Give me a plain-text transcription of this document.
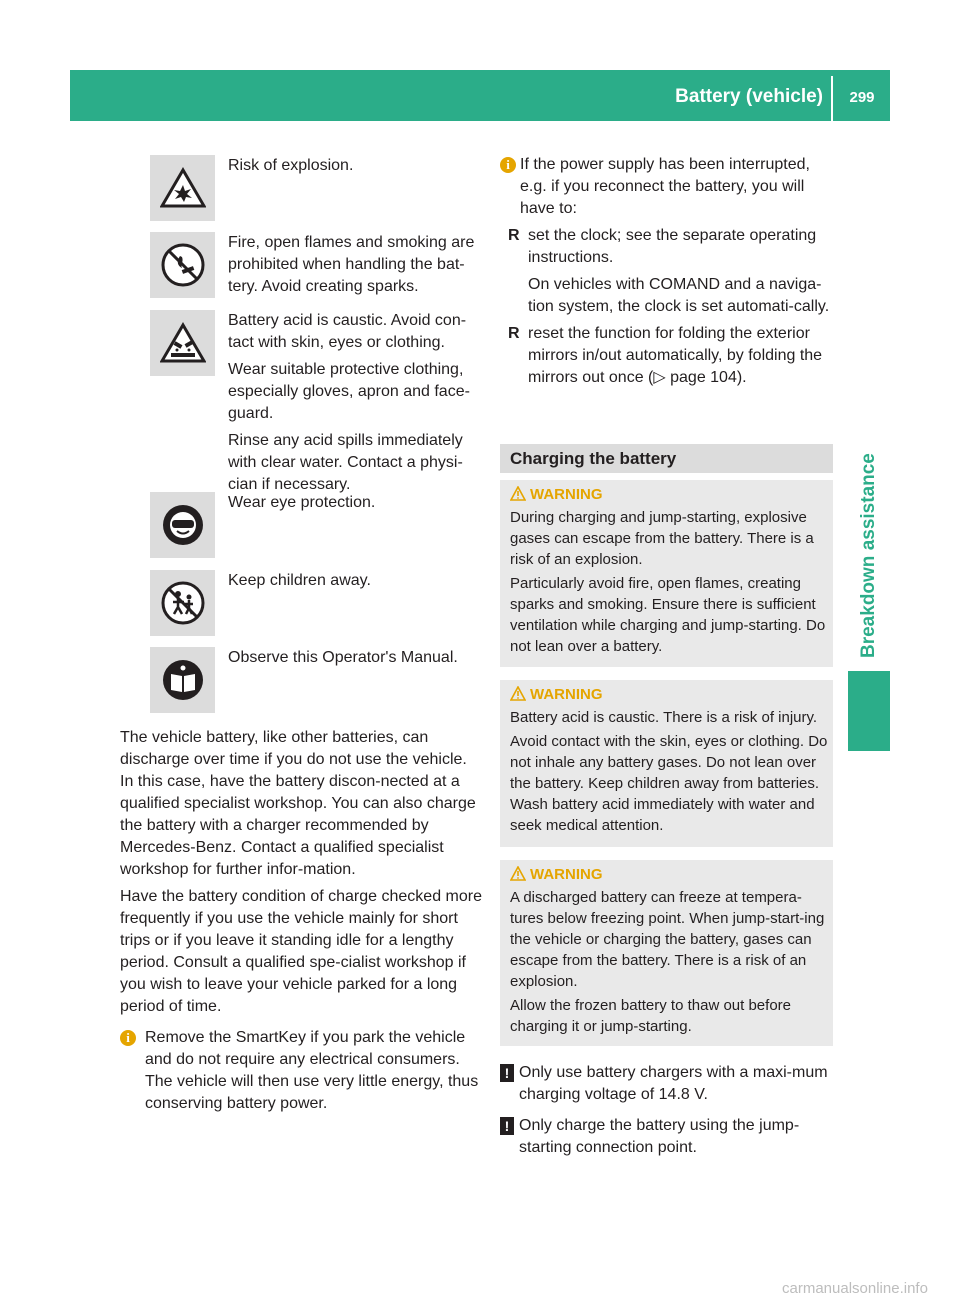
Battery (vehicle)	299
Breakdown assistance

Risk of explosion.

Fire, open flames and smoking are prohibited when handling the bat-tery. Avoid creating sparks.

Battery acid is caustic. Avoid con-tact with skin, eyes or clothing.

Wear suitable protective clothing, especially gloves, apron and face-guard.

Rinse any acid spills immediately with clear water. Contact a physi-cian if necessary.

Wear eye protection.

Keep children away.

Observe this Operator's Manual.

The vehicle battery, like other batteries, can discharge over time if you do not use the vehicle. In this case, have the battery discon-nected at a qualified specialist workshop. You can also charge the battery with a charger recommended by Mercedes-Benz. Contact a qualified specialist workshop for further infor-mation.

Have the battery condition of charge checked more frequently if you use the vehicle mainly for short trips or if you leave it standing idle for a lengthy period. Consult a qualified spe-cialist workshop if you wish to leave your vehicle parked for a long period of time.

i Remove the SmartKey if you park the vehicle and do not require any electrical consumers. The vehicle will then use very little energy, thus conserving battery power.
i If the power supply has been interrupted, e.g. if you reconnect the battery, you will have to:
R set the clock; see the separate operating instructions.

On vehicles with COMAND and a naviga-tion system, the clock is set automati-cally.

R reset the function for folding the exterior mirrors in/out automatically, by folding the mirrors out once (▷ page 104).

Charging the battery
WARNING

During charging and jump-starting, explosive gases can escape from the battery. There is a risk of an explosion.

Particularly avoid fire, open flames, creating sparks and smoking. Ensure there is sufficient ventilation while charging and jump-starting. Do not lean over a battery.

WARNING

Battery acid is caustic. There is a risk of injury.

Avoid contact with the skin, eyes or clothing. Do not inhale any battery gases. Do not lean over the battery. Keep children away from batteries. Wash battery acid immediately with water and seek medical attention.

WARNING

A discharged battery can freeze at tempera-tures below freezing point. When jump-start-ing the vehicle or charging the battery, gases can escape from the battery. There is a risk of an explosion.

Allow the frozen battery to thaw out before charging it or jump-starting.

! Only use battery chargers with a maxi-mum charging voltage of 14.8 V.
! Only charge the battery using the jump-starting connection point.
carmanualsonline.info
